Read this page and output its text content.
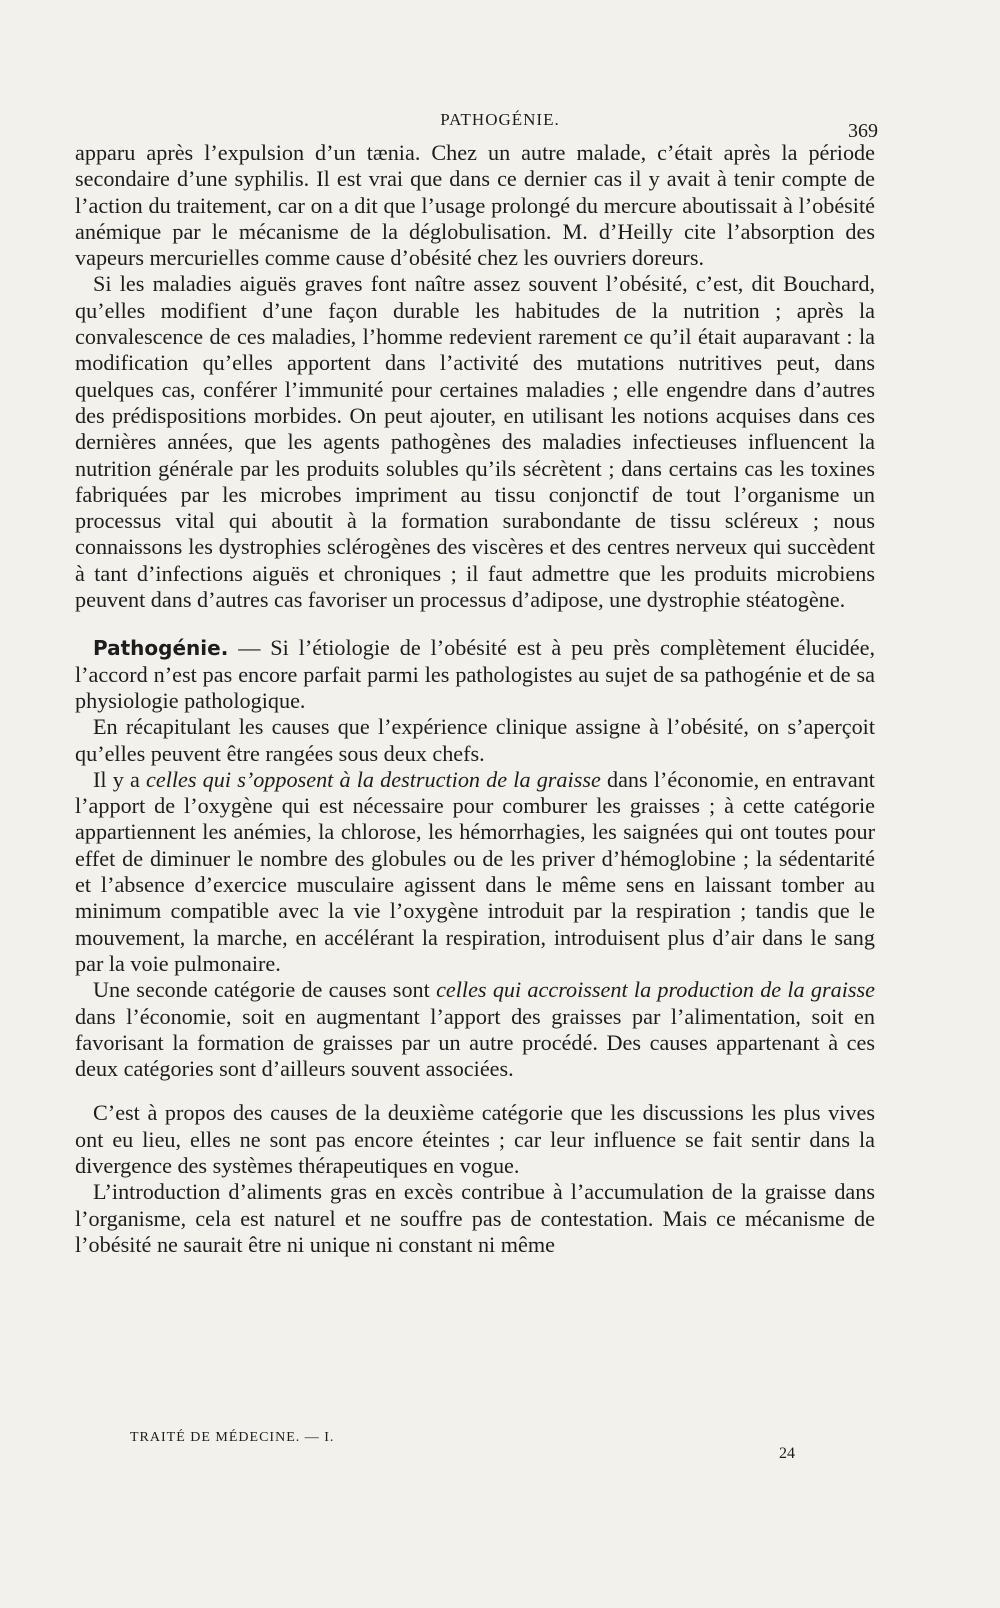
PATHOGÉNIE.
369

apparu après l’expulsion d’un tænia. Chez un autre malade, c’était après la période secondaire d’une syphilis. Il est vrai que dans ce dernier cas il y avait à tenir compte de l’action du traitement, car on a dit que l’usage prolongé du mercure aboutissait à l’obésité anémique par le mécanisme de la déglobulisation. M. d’Heilly cite l’absorption des vapeurs mercurielles comme cause d’obésité chez les ouvriers doreurs.

Si les maladies aiguës graves font naître assez souvent l’obésité, c’est, dit Bouchard, qu’elles modifient d’une façon durable les habitudes de la nutrition ; après la convalescence de ces maladies, l’homme redevient rarement ce qu’il était auparavant : la modification qu’elles apportent dans l’activité des mutations nutritives peut, dans quelques cas, conférer l’immunité pour certaines maladies ; elle engendre dans d’autres des prédispositions morbides. On peut ajouter, en utilisant les notions acquises dans ces dernières années, que les agents pathogènes des maladies infectieuses influencent la nutrition générale par les produits solubles qu’ils sécrètent ; dans certains cas les toxines fabriquées par les microbes impriment au tissu conjonctif de tout l’organisme un processus vital qui aboutit à la formation surabondante de tissu scléreux ; nous connaissons les dystrophies sclérogènes des viscères et des centres nerveux qui succèdent à tant d’infections aiguës et chroniques ; il faut admettre que les produits microbiens peuvent dans d’autres cas favoriser un processus d’adipose, une dystrophie stéatogène.

Pathogénie. — Si l’étiologie de l’obésité est à peu près complètement élucidée, l’accord n’est pas encore parfait parmi les pathologistes au sujet de sa pathogénie et de sa physiologie pathologique.

En récapitulant les causes que l’expérience clinique assigne à l’obésité, on s’aperçoit qu’elles peuvent être rangées sous deux chefs.

Il y a celles qui s’opposent à la destruction de la graisse dans l’économie, en entravant l’apport de l’oxygène qui est nécessaire pour comburer les graisses ; à cette catégorie appartiennent les anémies, la chlorose, les hémorrhagies, les saignées qui ont toutes pour effet de diminuer le nombre des globules ou de les priver d’hémoglobine ; la sédentarité et l’absence d’exercice musculaire agissent dans le même sens en laissant tomber au minimum compatible avec la vie l’oxygène introduit par la respiration ; tandis que le mouvement, la marche, en accélérant la respiration, introduisent plus d’air dans le sang par la voie pulmonaire.

Une seconde catégorie de causes sont celles qui accroissent la production de la graisse dans l’économie, soit en augmentant l’apport des graisses par l’alimentation, soit en favorisant la formation de graisses par un autre procédé. Des causes appartenant à ces deux catégories sont d’ailleurs souvent associées.

C’est à propos des causes de la deuxième catégorie que les discussions les plus vives ont eu lieu, elles ne sont pas encore éteintes ; car leur influence se fait sentir dans la divergence des systèmes thérapeutiques en vogue.

L’introduction d’aliments gras en excès contribue à l’accumulation de la graisse dans l’organisme, cela est naturel et ne souffre pas de contestation. Mais ce mécanisme de l’obésité ne saurait être ni unique ni constant ni même

TRAITÉ DE MÉDECINE. — I.
24
